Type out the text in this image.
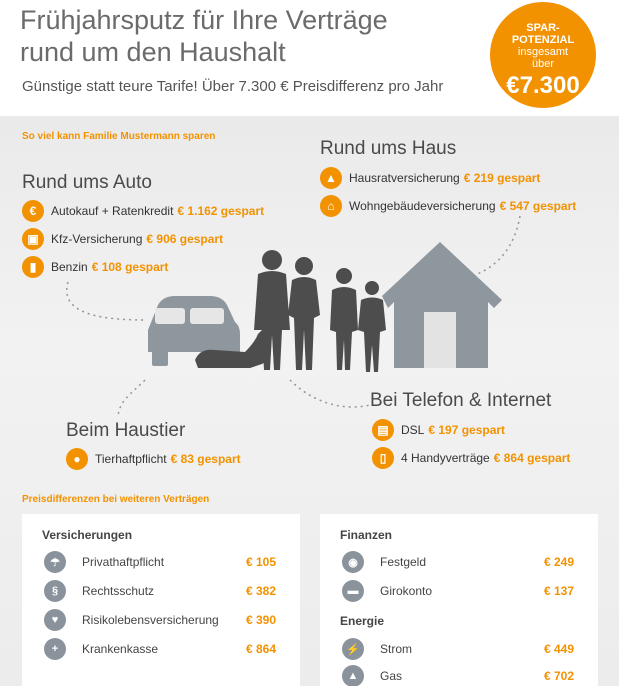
Frühjahrsputz für Ihre Verträge
rund um den Haushalt
Günstige statt teure Tarife! Über 7.300 € Preisdifferenz pro Jahr
SPAR-
POTENZIAL
insgesamt
über
€7.300
So viel kann Familie Mustermann sparen
Rund ums Auto
€	Autokauf + Ratenkredit € 1.162 gespart
▣	Kfz-Versicherung € 906 gespart
▮	Benzin € 108 gespart
Rund ums Haus
▲	Hausratversicherung € 219 gespart
⌂	Wohngebäudeversicherung € 547 gespart
Bei Telefon & Internet
▤	DSL € 197 gespart
▯	4 Handyverträge € 864 gespart
Beim Haustier
●	Tierhaftpflicht € 83 gespart
Preisdifferenzen bei weiteren Verträgen
Versicherungen
☂	Privathaftpflicht	€ 105
§	Rechtsschutz	€ 382
♥	Risikolebensversicherung € 390
+	Krankenkasse	€ 864
Finanzen
◉	Festgeld	€ 249
▬	Girokonto	€ 137
Energie
⚡	Strom	€ 449
▲	Gas	€ 702
